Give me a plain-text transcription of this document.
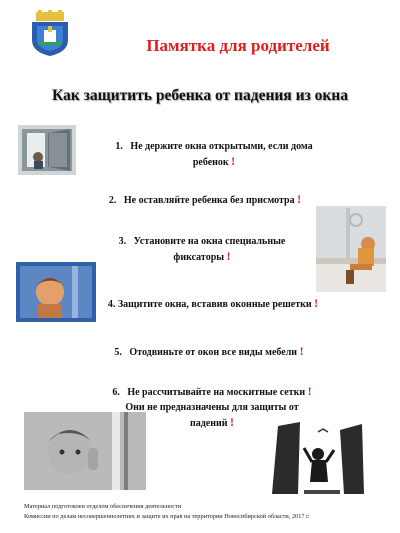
Памятка для родителей
Как защитить ребенка от падения из окна
1. Не держите окна открытыми, если дома
ребенок !
2. Не оставляйте ребенка без присмотра !
3. Установите на окна специальные
фиксаторы !
4. Защитите окна, вставив оконные решетки !
5. Отодвиньте от окон все виды мебели !
6. Не рассчитывайте на москитные сетки !
Они не предназначены для защиты от
падений !
Материал подготовлен отделом обеспечения деятельности
Комиссии по делам несовершеннолетних и защите их прав на территории Новосибирской области, 2017 г.
